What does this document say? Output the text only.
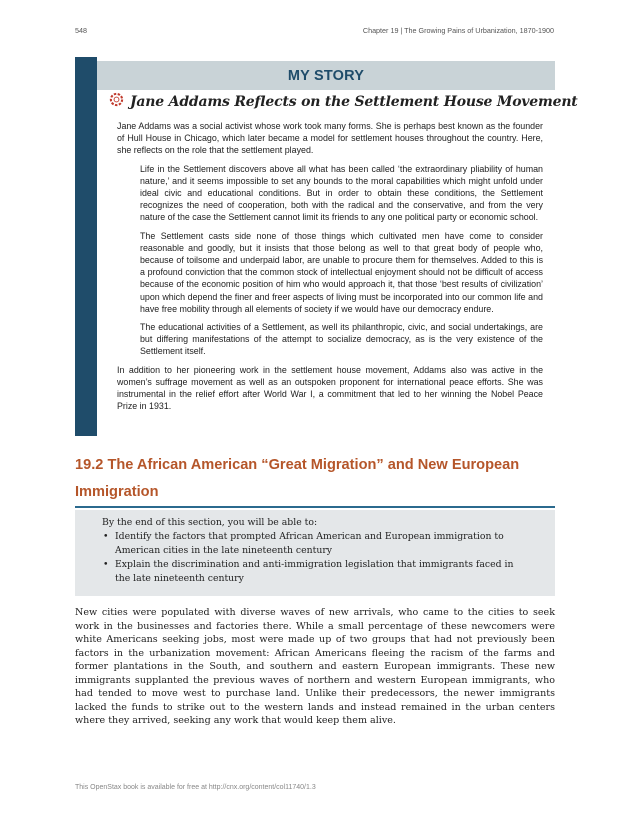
548	Chapter 19 | The Growing Pains of Urbanization, 1870-1900
MY STORY
Jane Addams Reflects on the Settlement House Movement

Jane Addams was a social activist whose work took many forms. She is perhaps best known as the founder of Hull House in Chicago, which later became a model for settlement houses throughout the country. Here, she reflects on the role that the settlement played.

Life in the Settlement discovers above all what has been called ‘the extraordinary pliability of human nature,’ and it seems impossible to set any bounds to the moral capabilities which might unfold under ideal civic and educational conditions. But in order to obtain these conditions, the Settlement recognizes the need of cooperation, both with the radical and the conservative, and from the very nature of the case the Settlement cannot limit its friends to any one political party or economic school.

The Settlement casts side none of those things which cultivated men have come to consider reasonable and goodly, but it insists that those belong as well to that great body of people who, because of toilsome and underpaid labor, are unable to procure them for themselves. Added to this is a profound conviction that the common stock of intellectual enjoyment should not be difficult of access because of the economic position of him who would approach it, that those ‘best results of civilization’ upon which depend the finer and freer aspects of living must be incorporated into our common life and have free mobility through all elements of society if we would have our democracy endure.

The educational activities of a Settlement, as well its philanthropic, civic, and social undertakings, are but differing manifestations of the attempt to socialize democracy, as is the very existence of the Settlement itself.

In addition to her pioneering work in the settlement house movement, Addams also was active in the women’s suffrage movement as well as an outspoken proponent for international peace efforts. She was instrumental in the relief effort after World War I, a commitment that led to her winning the Nobel Peace Prize in 1931.

19.2 The African American “Great Migration” and New European Immigration
By the end of this section, you will be able to:
• Identify the factors that prompted African American and European immigration to American cities in the late nineteenth century
• Explain the discrimination and anti-immigration legislation that immigrants faced in the late nineteenth century

New cities were populated with diverse waves of new arrivals, who came to the cities to seek work in the businesses and factories there. While a small percentage of these newcomers were white Americans seeking jobs, most were made up of two groups that had not previously been factors in the urbanization movement: African Americans fleeing the racism of the farms and former plantations in the South, and southern and eastern European immigrants. These new immigrants supplanted the previous waves of northern and western European immigrants, who had tended to move west to purchase land. Unlike their predecessors, the newer immigrants lacked the funds to strike out to the western lands and instead remained in the urban centers where they arrived, seeking any work that would keep them alive.

This OpenStax book is available for free at http://cnx.org/content/col11740/1.3
